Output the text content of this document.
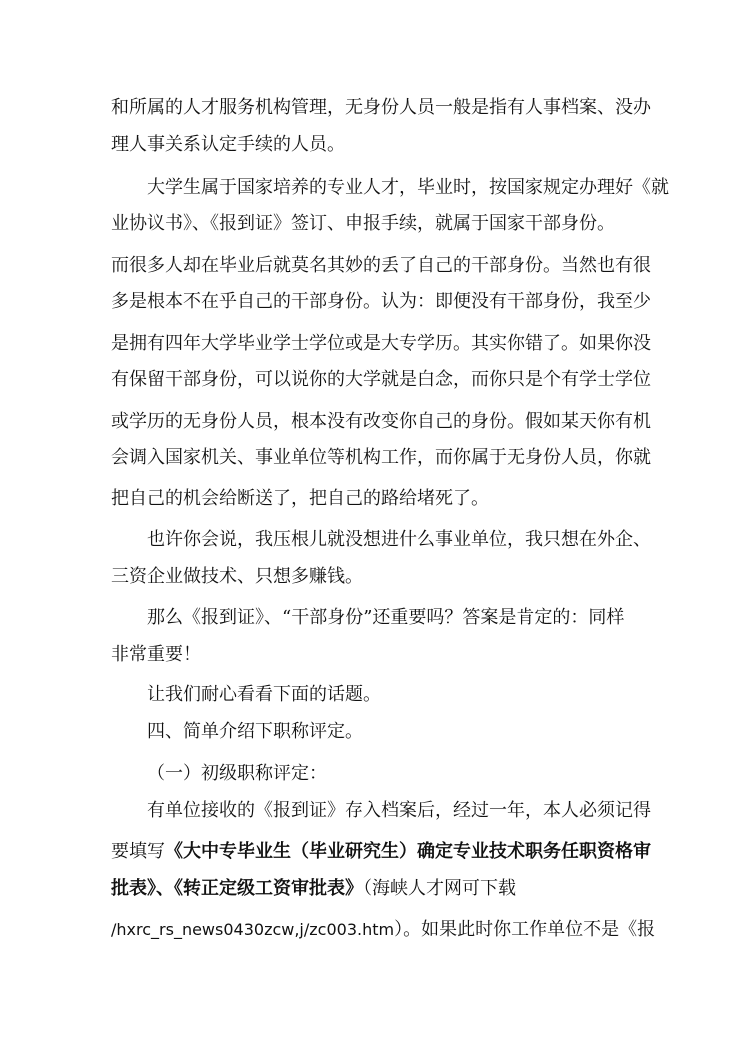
和所属的人才服务机构管理，无身份人员一般是指有人事档案、没办
理人事关系认定手续的人员。
大学生属于国家培养的专业人才，毕业时，按国家规定办理好《就
业协议书》、《报到证》签订、申报手续，就属于国家干部身份。
而很多人却在毕业后就莫名其妙的丢了自己的干部身份。当然也有很
多是根本不在乎自己的干部身份。认为：即便没有干部身份，我至少
是拥有四年大学毕业学士学位或是大专学历。其实你错了。如果你没
有保留干部身份，可以说你的大学就是白念，而你只是个有学士学位
或学历的无身份人员，根本没有改变你自己的身份。假如某天你有机
会调入国家机关、事业单位等机构工作，而你属于无身份人员，你就
把自己的机会给断送了，把自己的路给堵死了。
也许你会说，我压根儿就没想进什么事业单位，我只想在外企、
三资企业做技术、只想多赚钱。
那么《报到证》、“干部身份”还重要吗？答案是肯定的：同样
非常重要！
让我们耐心看看下面的话题。
四、简单介绍下职称评定。
（一）初级职称评定：
有单位接收的《报到证》存入档案后，经过一年，本人必须记得
要填写《大中专毕业生（毕业研究生）确定专业技术职务任职资格审
批表》、《转正定级工资审批表》（海峡人才网可下载
/hxrc_rs_news0430zcw,j/zc003.htm）。如果此时你工作单位不是《报
